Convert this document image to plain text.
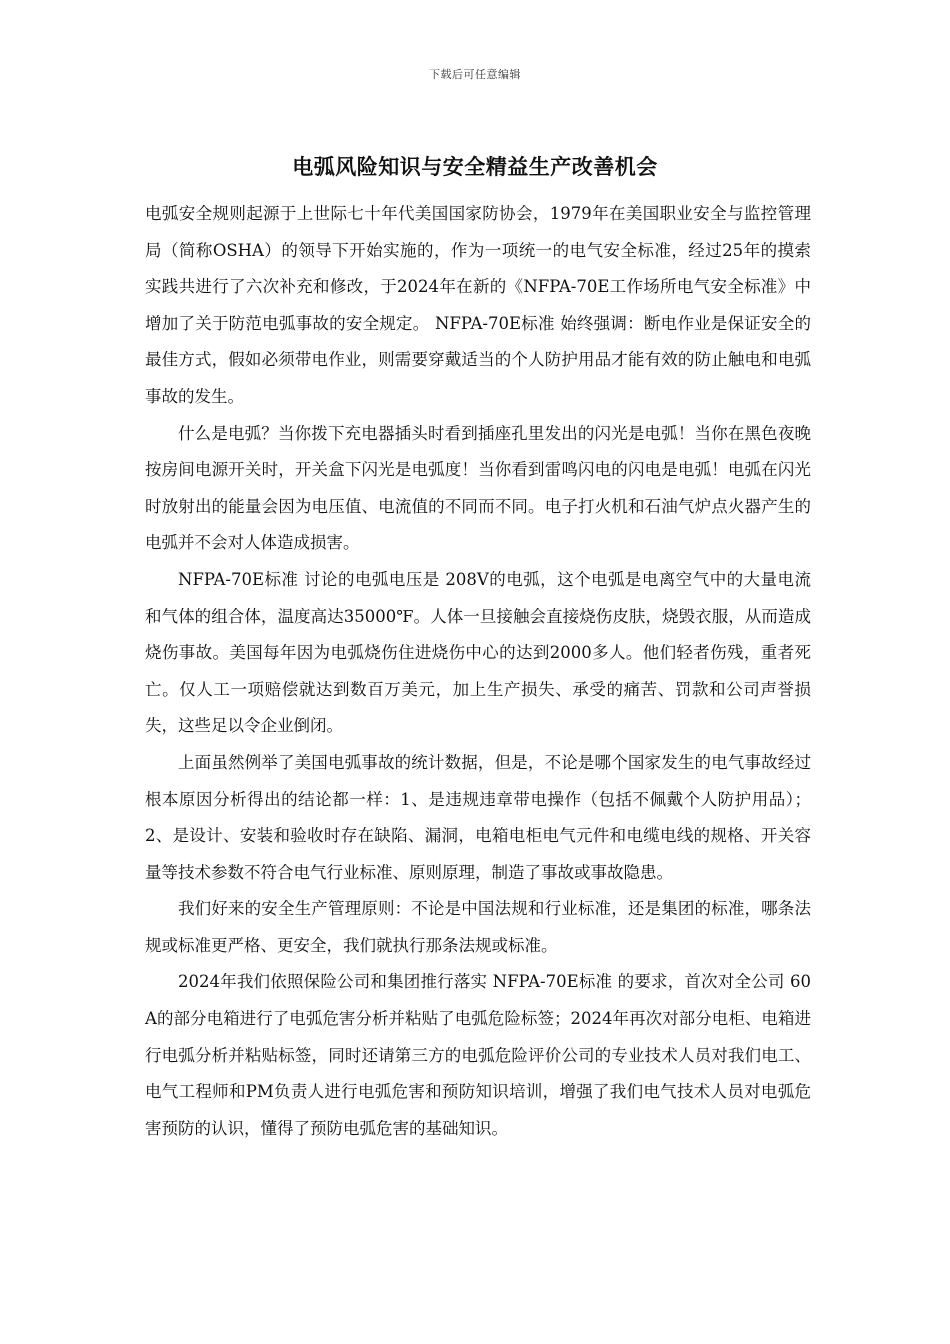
下载后可任意编辑
电弧风险知识与安全精益生产改善机会

电弧安全规则起源于上世际七十年代美国国家防协会，1979年在美国职业安全与监控管理局（简称OSHA）的领导下开始实施的，作为一项统一的电气安全标准，经过25年的摸索实践共进行了六次补充和修改，于2024年在新的《NFPA-70E工作场所电气安全标准》中增加了关于防范电弧事故的安全规定。 NFPA-70E标准 始终强调：断电作业是保证安全的最佳方式，假如必须带电作业，则需要穿戴适当的个人防护用品才能有效的防止触电和电弧事故的发生。

什么是电弧？当你拨下充电器插头时看到插座孔里发出的闪光是电弧！当你在黑色夜晚按房间电源开关时，开关盒下闪光是电弧度！当你看到雷鸣闪电的闪电是电弧！电弧在闪光时放射出的能量会因为电压值、电流值的不同而不同。电子打火机和石油气炉点火器产生的电弧并不会对人体造成损害。

NFPA-70E标准 讨论的电弧电压是 208V的电弧，这个电弧是电离空气中的大量电流和气体的组合体，温度高达35000℉。人体一旦接触会直接烧伤皮肤，烧毁衣服，从而造成烧伤事故。美国每年因为电弧烧伤住进烧伤中心的达到2000多人。他们轻者伤残，重者死亡。仅人工一项赔偿就达到数百万美元，加上生产损失、承受的痛苦、罚款和公司声誉损失，这些足以令企业倒闭。

上面虽然例举了美国电弧事故的统计数据，但是，不论是哪个国家发生的电气事故经过根本原因分析得出的结论都一样：1、是违规违章带电操作（包括不佩戴个人防护用品）；2、是设计、安装和验收时存在缺陷、漏洞，电箱电柜电气元件和电缆电线的规格、开关容量等技术参数不符合电气行业标准、原则原理，制造了事故或事故隐患。

我们好来的安全生产管理原则：不论是中国法规和行业标准，还是集团的标准，哪条法规或标准更严格、更安全，我们就执行那条法规或标准。

2024年我们依照保险公司和集团推行落实 NFPA-70E标准 的要求，首次对全公司 60 A的部分电箱进行了电弧危害分析并粘贴了电弧危险标签；2024年再次对部分电柜、电箱进行电弧分析并粘贴标签，同时还请第三方的电弧危险评价公司的专业技术人员对我们电工、电气工程师和PM负责人进行电弧危害和预防知识培训，增强了我们电气技术人员对电弧危害预防的认识，懂得了预防电弧危害的基础知识。
